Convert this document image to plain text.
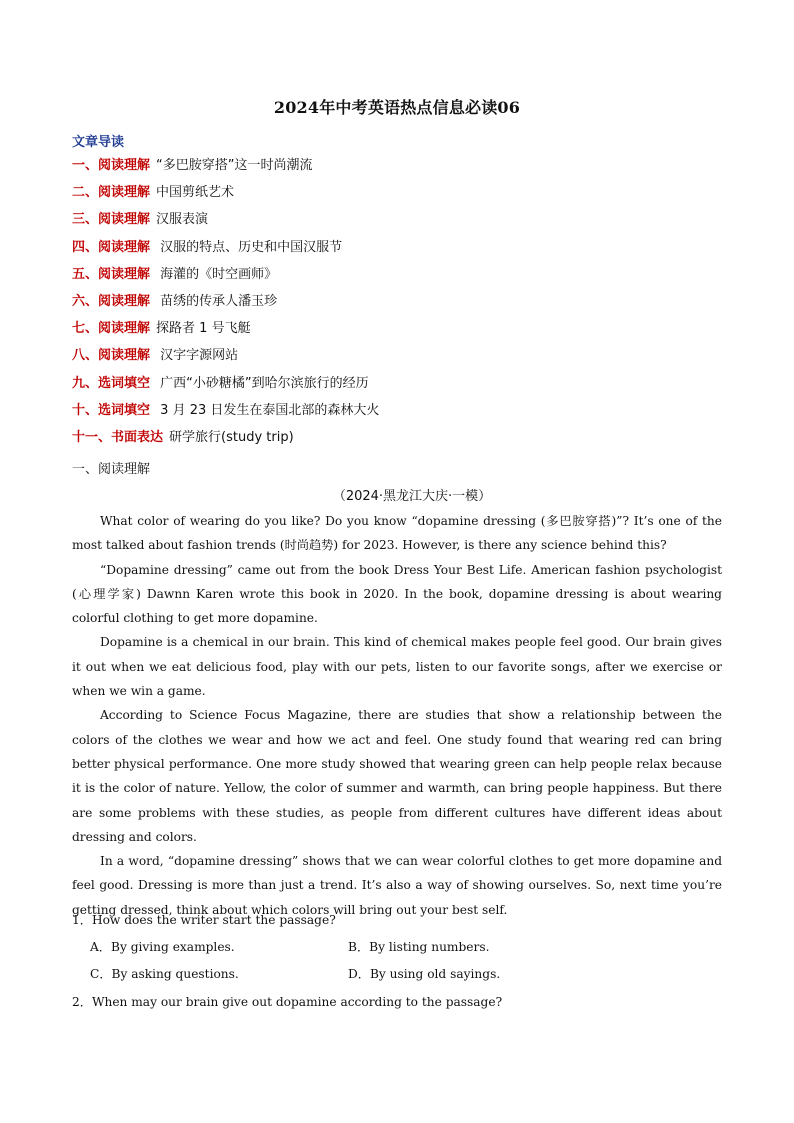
2024年中考英语热点信息必读06
文章导读
一、阅读理解 “多巴胺穿搭”这一时尚潮流
二、阅读理解 中国剪纸艺术
三、阅读理解 汉服表演
四、阅读理解 汉服的特点、历史和中国汉服节
五、阅读理解 海灌的《时空画师》
六、阅读理解 苗绣的传承人潘玉珍
七、阅读理解 探路者 1 号飞艇
八、阅读理解 汉字字源网站
九、选词填空 广西“小砂糖橘”到哈尔滨旅行的经历
十、选词填空 3 月 23 日发生在泰国北部的森林大火
十一、书面表达 研学旅行(study trip)
一、阅读理解
（2024·黑龙江大庆·一模）

What color of wearing do you like? Do you know “dopamine dressing (多巴胺穿搭)”? It’s one of the most talked about fashion trends (时尚趋势) for 2023. However, is there any science behind this?

“Dopamine dressing” came out from the book Dress Your Best Life. American fashion psychologist (心理学家) Dawnn Karen wrote this book in 2020. In the book, dopamine dressing is about wearing colorful clothing to get more dopamine.

Dopamine is a chemical in our brain. This kind of chemical makes people feel good. Our brain gives it out when we eat delicious food, play with our pets, listen to our favorite songs, after we exercise or when we win a game.

According to Science Focus Magazine, there are studies that show a relationship between the colors of the clothes we wear and how we act and feel. One study found that wearing red can bring better physical performance. One more study showed that wearing green can help people relax because it is the color of nature. Yellow, the color of summer and warmth, can bring people happiness. But there are some problems with these studies, as people from different cultures have different ideas about dressing and colors.

In a word, “dopamine dressing” shows that we can wear colorful clothes to get more dopamine and feel good. Dressing is more than just a trend. It’s also a way of showing ourselves. So, next time you’re getting dressed, think about which colors will bring out your best self.

1．How does the writer start the passage?
A．By giving examples.	B．By listing numbers.
C．By asking questions.	D．By using old sayings.
2．When may our brain give out dopamine according to the passage?
